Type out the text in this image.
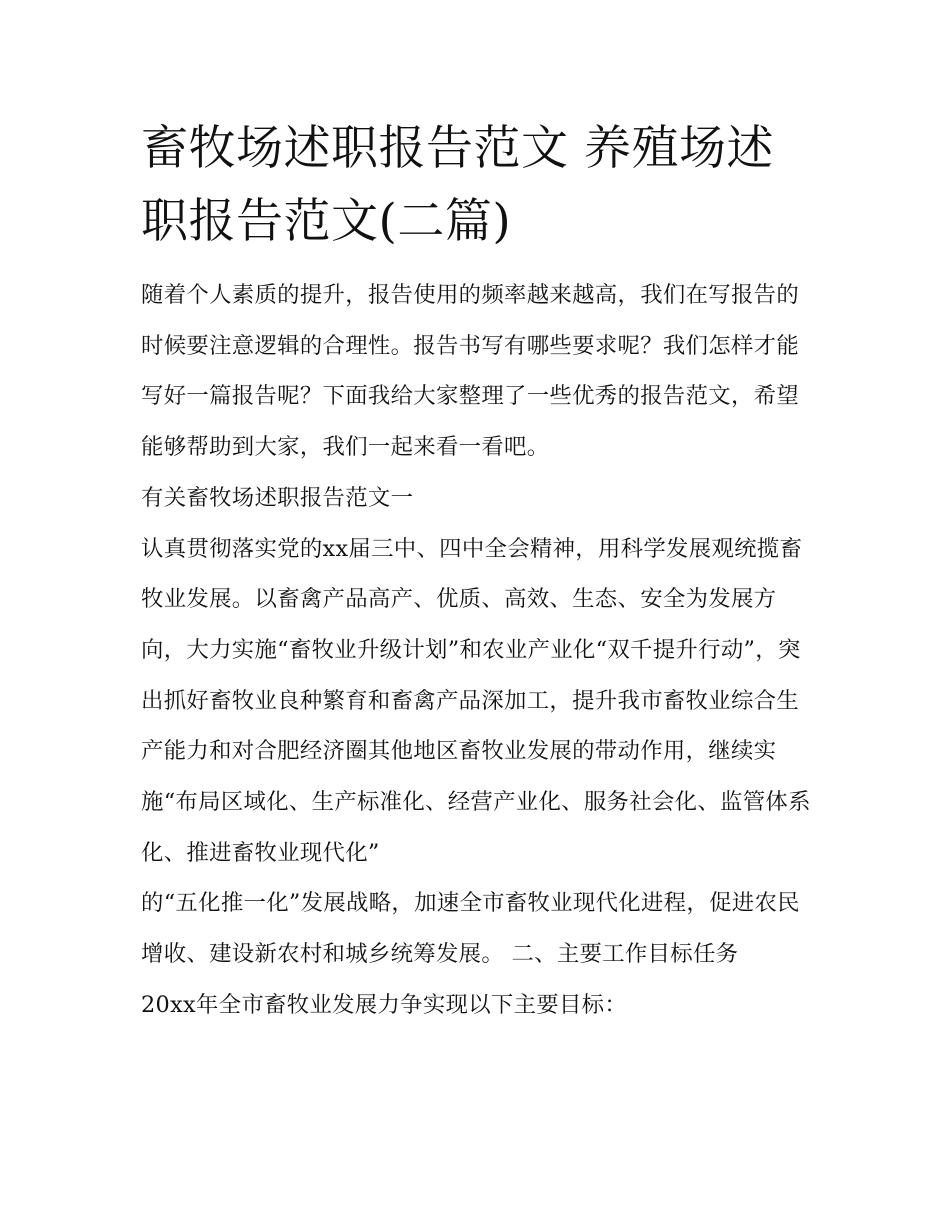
畜牧场述职报告范文 养殖场述职报告范文(二篇)

随着个人素质的提升，报告使用的频率越来越高，我们在写报告的时候要注意逻辑的合理性。报告书写有哪些要求呢？我们怎样才能写好一篇报告呢？下面我给大家整理了一些优秀的报告范文，希望能够帮助到大家，我们一起来看一看吧。

有关畜牧场述职报告范文一

认真贯彻落实党的xx届三中、四中全会精神，用科学发展观统揽畜牧业发展。以畜禽产品高产、优质、高效、生态、安全为发展方向，大力实施“畜牧业升级计划”和农业产业化“双千提升行动”，突出抓好畜牧业良种繁育和畜禽产品深加工，提升我市畜牧业综合生产能力和对合肥经济圈其他地区畜牧业发展的带动作用，继续实施“布局区域化、生产标准化、经营产业化、服务社会化、监管体系化、推进畜牧业现代化”

的“五化推一化”发展战略，加速全市畜牧业现代化进程，促进农民增收、建设新农村和城乡统筹发展。 二、主要工作目标任务

20xx年全市畜牧业发展力争实现以下主要目标：
